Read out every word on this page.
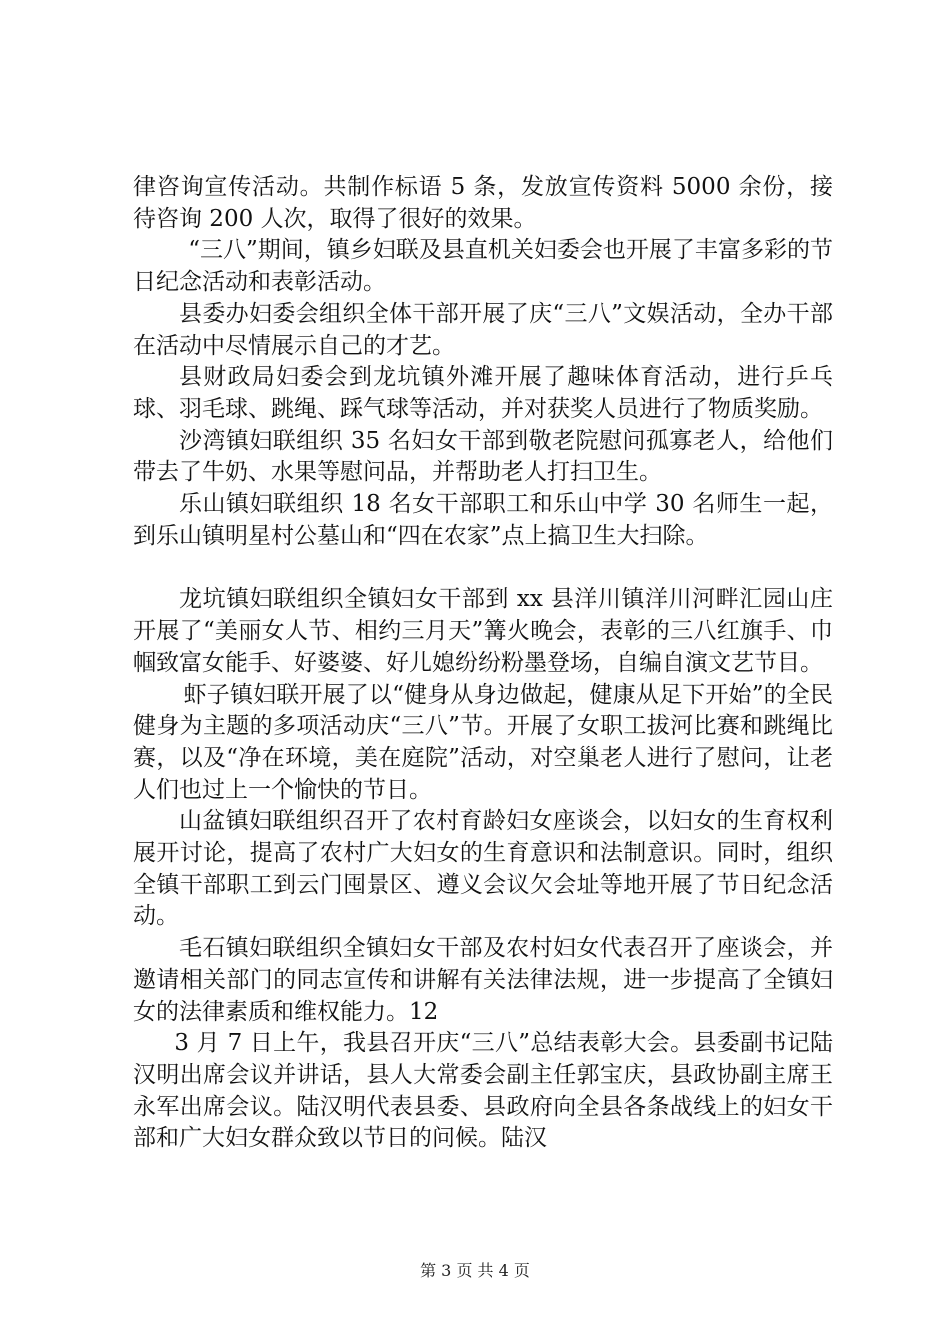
律咨询宣传活动。共制作标语 5 条，发放宣传资料 5000 余份，接待咨询 200 人次，取得了很好的效果。

“三八”期间，镇乡妇联及县直机关妇委会也开展了丰富多彩的节日纪念活动和表彰活动。

县委办妇委会组织全体干部开展了庆“三八”文娱活动，全办干部在活动中尽情展示自己的才艺。

县财政局妇委会到龙坑镇外滩开展了趣味体育活动，进行乒乓球、羽毛球、跳绳、踩气球等活动，并对获奖人员进行了物质奖励。

沙湾镇妇联组织 35 名妇女干部到敬老院慰问孤寡老人，给他们带去了牛奶、水果等慰问品，并帮助老人打扫卫生。

乐山镇妇联组织 18 名女干部职工和乐山中学 30 名师生一起，到乐山镇明星村公墓山和“四在农家”点上搞卫生大扫除。

龙坑镇妇联组织全镇妇女干部到 xx 县洋川镇洋川河畔汇园山庄开展了“美丽女人节、相约三月天”篝火晚会，表彰的三八红旗手、巾帼致富女能手、好婆婆、好儿媳纷纷粉墨登场，自编自演文艺节目。

虾子镇妇联开展了以“健身从身边做起，健康从足下开始”的全民健身为主题的多项活动庆“三八”节。开展了女职工拔河比赛和跳绳比赛，以及“净在环境，美在庭院”活动，对空巢老人进行了慰问，让老人们也过上一个愉快的节日。

山盆镇妇联组织召开了农村育龄妇女座谈会，以妇女的生育权利展开讨论，提高了农村广大妇女的生育意识和法制意识。同时，组织全镇干部职工到云门囤景区、遵义会议欠会址等地开展了节日纪念活动。

毛石镇妇联组织全镇妇女干部及农村妇女代表召开了座谈会，并邀请相关部门的同志宣传和讲解有关法律法规，进一步提高了全镇妇女的法律素质和维权能力。12

3 月 7 日上午，我县召开庆“三八”总结表彰大会。县委副书记陆汉明出席会议并讲话，县人大常委会副主任郭宝庆，县政协副主席王永军出席会议。陆汉明代表县委、县政府向全县各条战线上的妇女干部和广大妇女群众致以节日的问候。陆汉

第 3 页 共 4 页
